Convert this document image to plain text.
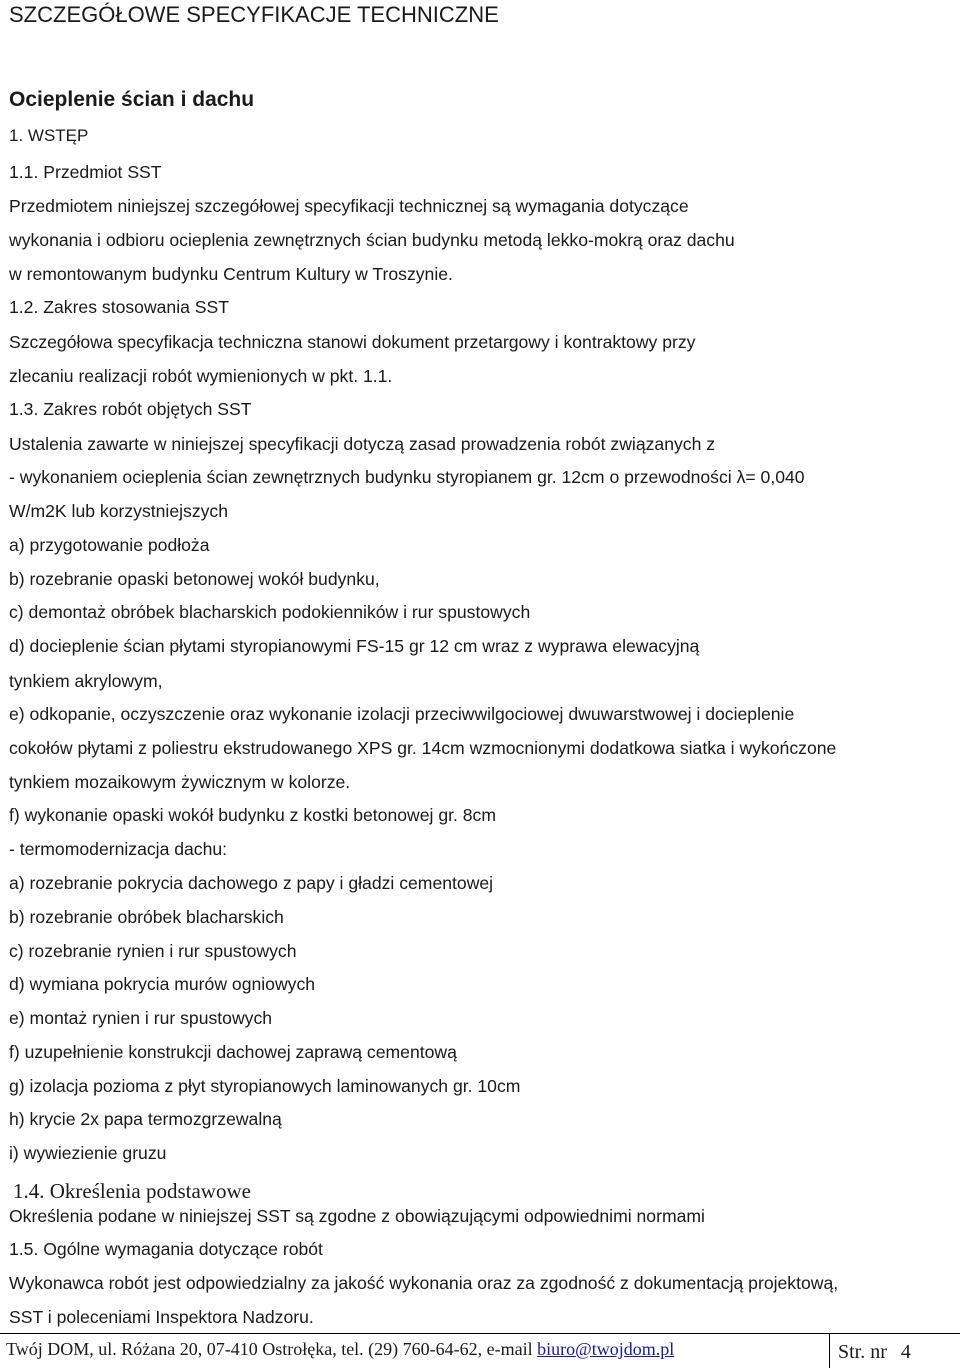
SZCZEGÓŁOWE SPECYFIKACJE TECHNICZNE
Ocieplenie ścian i dachu
1. WSTĘP
1.1. Przedmiot SST
Przedmiotem niniejszej szczegółowej specyfikacji technicznej są wymagania dotyczące
wykonania i odbioru ocieplenia zewnętrznych ścian budynku metodą lekko-mokrą oraz dachu
w remontowanym budynku Centrum Kultury w Troszynie.
1.2. Zakres stosowania SST
Szczegółowa specyfikacja techniczna stanowi dokument przetargowy i kontraktowy przy
zlecaniu realizacji robót wymienionych w pkt. 1.1.
1.3. Zakres robót objętych SST
Ustalenia zawarte w niniejszej specyfikacji dotyczą zasad prowadzenia robót związanych z
- wykonaniem ocieplenia ścian zewnętrznych budynku styropianem gr. 12cm o przewodności λ= 0,040
W/m2K lub korzystniejszych
a) przygotowanie podłoża
b) rozebranie opaski betonowej wokół budynku,
c) demontaż obróbek blacharskich podokienników i rur spustowych
d) docieplenie ścian płytami styropianowymi FS-15 gr 12 cm wraz z wyprawa elewacyjną
tynkiem akrylowym,
e) odkopanie, oczyszczenie oraz wykonanie izolacji przeciwwilgociowej dwuwarstwowej i docieplenie
cokołów płytami z poliestru ekstrudowanego XPS gr. 14cm wzmocnionymi dodatkowa siatka i wykończone
tynkiem mozaikowym żywicznym w kolorze.
f) wykonanie opaski wokół budynku z kostki betonowej gr. 8cm
- termomodernizacja dachu:
a) rozebranie pokrycia dachowego z papy i gładzi cementowej
b) rozebranie obróbek blacharskich
c) rozebranie rynien i rur spustowych
d) wymiana pokrycia murów ogniowych
e) montaż rynien i rur spustowych
f) uzupełnienie konstrukcji dachowej zaprawą cementową
g) izolacja pozioma z płyt styropianowych laminowanych gr. 10cm
h) krycie 2x papa termozgrzewalną
i) wywiezienie gruzu
1.4. Określenia podstawowe
Określenia podane w niniejszej SST są zgodne z obowiązującymi odpowiednimi normami
1.5. Ogólne wymagania dotyczące robót
Wykonawca robót jest odpowiedzialny za jakość wykonania oraz za zgodność z dokumentacją projektową,
SST i poleceniami Inspektora Nadzoru.
Twój DOM, ul. Różana 20, 07-410 Ostrołęka, tel. (29) 760-64-62, e-mail biuro@twojdom.pl	Str. nr 4
